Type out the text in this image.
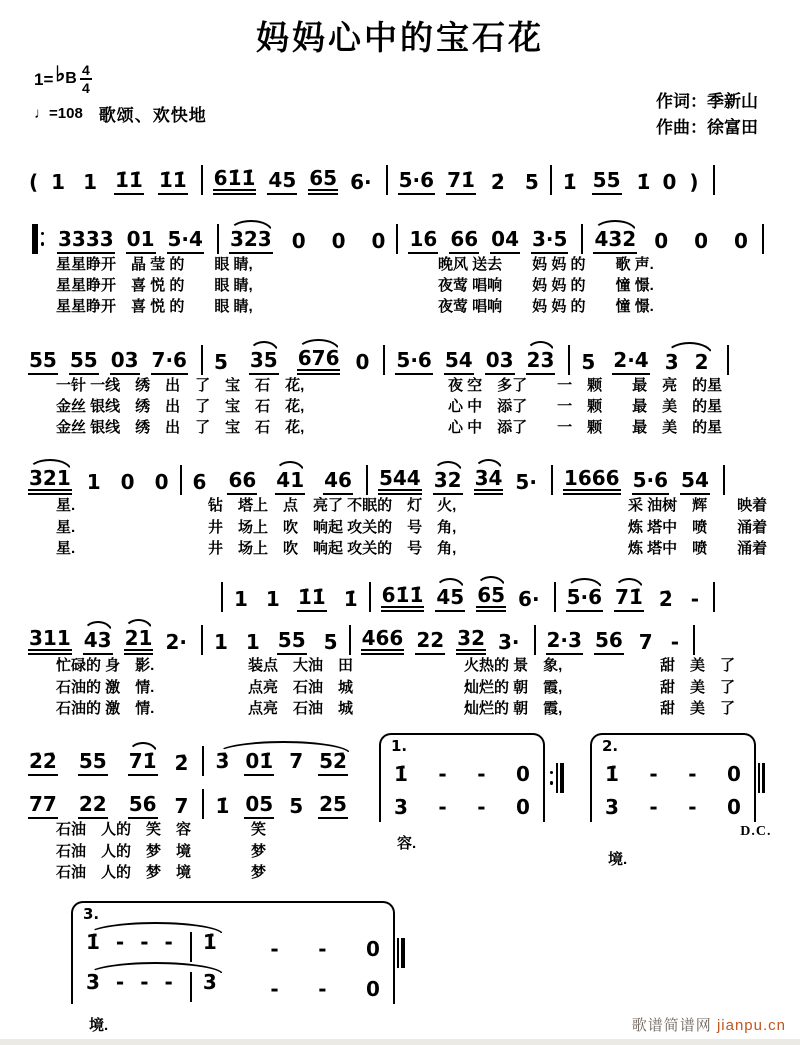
妈妈心中的宝石花
1= ♭ B $\frac{4}{4}$
♩=108 歌颂、欢快地
作词：季新山
作曲：徐富田
( 1 1 1̇1̇ 1̇1̇ 61̇1̇ 45 65 6· 5·6 71̇ 2̇ 5 1̇ 55 1̇ 0 )
3333 01 5·4 323 0 0 0 16 66 04 3·5 432 0 0 0
星星睁开　晶 莹 的　　眼 睛,	晚风 送去　　妈 妈 的　　歌 声.
星星睁开　喜 悦 的　　眼 睛,	夜莺 唱响　　妈 妈 的　　憧 憬.
星星睁开　喜 悦 的　　眼 睛,	夜莺 唱响　　妈 妈 的　　憧 憬.
55 55 03 7·6 5 35 676 0 5·6 54 03 23 5 2·4 3 2
一针 一线　绣　出　了　宝　石　花,	夜 空　多了　　一　颗　　最　亮　的星
金丝 银线　绣　出　了　宝　石　花,	心 中　添了　　一　颗　　最　美　的星
金丝 银线　绣　出　了　宝　石　花,	心 中　添了　　一　颗　　最　美　的星
321 1 0 0 6 66 41 46 544 32 34 5· 1666 5·6 54
星.	钻　塔上　点　亮了 不眠的　灯　火,	采 油树　辉　　映着
星.	井　场上　吹　响起 攻关的　号　角,	炼 塔中　喷　　涌着
星.	井　场上　吹　响起 攻关的　号　角,	炼 塔中　喷　　涌着
1 1 1̇1̇ 1̇ 61̇1̇ 45 65 6· 5·6 71̇ 2̇ -
311 43 21 2· 1 1 55 5 466 22 32 3· 2·3 56 7 -
忙碌的 身　影.	装点　大油　田	火热的 景　象,	甜　美　了
石油的 激　情.	点亮　石油　城	灿烂的 朝　霞,	甜　美　了
石油的 激　情.	点亮　石油　城	灿烂的 朝　霞,	甜　美　了
2̇2̇ 55 71̇ 2̇ 3̇ 01̇ 7 52̇
77 22 56 7 1̇ 05 5 25
石油　人的　笑　容　　　　笑
石油　人的　梦　境　　　　梦
石油　人的　梦　境　　　　梦
1.
1̇ - - 0
3 - - 0
容.
2.
1̇ - - 0
3 - - 0
D.C.
境.
3.
1̇ - - - 1̇	- - 0
3 - - - 3	- - 0
境.	歌谱简谱网 jianpu.cn
